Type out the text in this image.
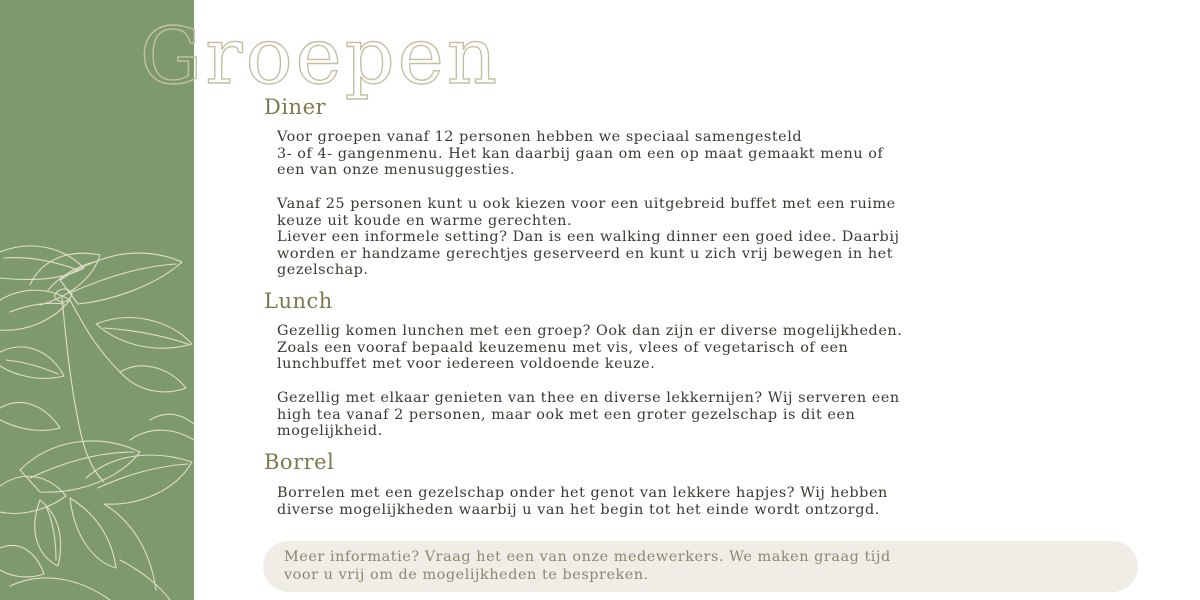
Groepen
Diner
Voor groepen vanaf 12 personen hebben we speciaal samengesteld
3- of 4- gangenmenu. Het kan daarbij gaan om een op maat gemaakt menu of
een van onze menusuggesties.
Vanaf 25 personen kunt u ook kiezen voor een uitgebreid buffet met een ruime
keuze uit koude en warme gerechten.
Liever een informele setting? Dan is een walking dinner een goed idee. Daarbij
worden er handzame gerechtjes geserveerd en kunt u zich vrij bewegen in het
gezelschap.
Lunch
Gezellig komen lunchen met een groep? Ook dan zijn er diverse mogelijkheden.
Zoals een vooraf bepaald keuzemenu met vis, vlees of vegetarisch of een
lunchbuffet met voor iedereen voldoende keuze.
Gezellig met elkaar genieten van thee en diverse lekkernijen? Wij serveren een
high tea vanaf 2 personen, maar ook met een groter gezelschap is dit een
mogelijkheid.
Borrel
Borrelen met een gezelschap onder het genot van lekkere hapjes? Wij hebben
diverse mogelijkheden waarbij u van het begin tot het einde wordt ontzorgd.
Meer informatie? Vraag het een van onze medewerkers. We maken graag tijd
voor u vrij om de mogelijkheden te bespreken.
